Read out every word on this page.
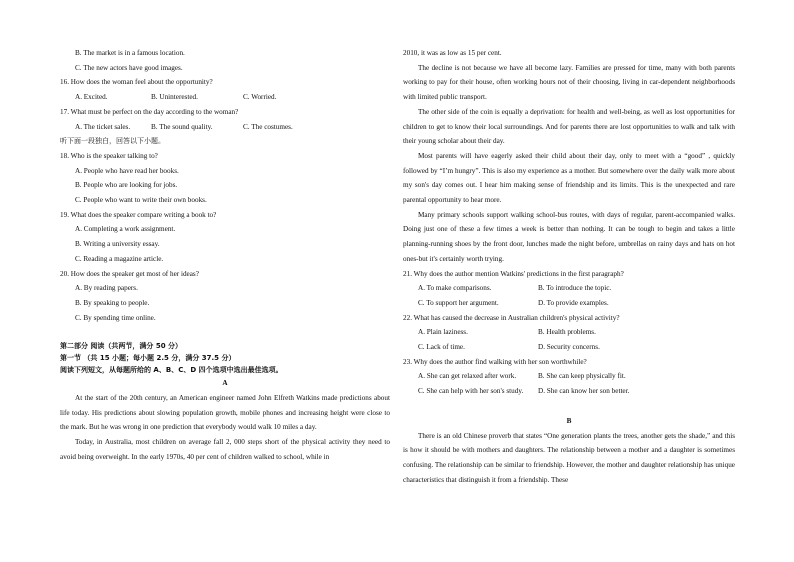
B. The market is in a famous location.
C. The new actors have good images.
16. How does the woman feel about the opportunity?
A. Excited.	B. Uninterested.	C. Worried.
17. What must be perfect on the day according to the woman?
A. The ticket sales.	B. The sound quality.	C. The costumes.
听下面一段独白，回答以下小题。
18. Who is the speaker talking to?
A. People who have read her books.
B. People who are looking for jobs.
C. People who want to write their own books.
19. What does the speaker compare writing a book to?
A. Completing a work assignment.
B. Writing a university essay.
C. Reading a magazine article.
20. How does the speaker get most of her ideas?
A. By reading papers.
B. By speaking to people.
C. By spending time online.
第二部分 阅读（共两节，满分 50 分）
第一节 （共 15 小题；每小题 2.5 分，满分 37.5 分）
阅读下列短文，从每题所给的 A、B、C、D 四个选项中选出最佳选项。
A
At the start of the 20th century, an American engineer named John Elfreth Watkins made predictions about life today. His predictions about slowing population growth, mobile phones and increasing height were close to the mark. But he was wrong in one prediction that everybody would walk 10 miles a day.
Today, in Australia, most children on average fall 2, 000 steps short of the physical activity they need to avoid being overweight. In the early 1970s, 40 per cent of children walked to school, while in
2010, it was as low as 15 per cent.
The decline is not because we have all become lazy. Families are pressed for time, many with both parents working to pay for their house, often working hours not of their choosing, living in car-dependent neighborhoods with limited public transport.
The other side of the coin is equally a deprivation: for health and well-being, as well as lost opportunities for children to get to know their local surroundings. And for parents there are lost opportunities to walk and talk with their young scholar about their day.
Most parents will have eagerly asked their child about their day, only to meet with a “good” , quickly followed by “I’m hungry”. This is also my experience as a mother. But somewhere over the daily walk more about my son's day comes out. I hear him making sense of friendship and its limits. This is the unexpected and rare parental opportunity to hear more.
Many primary schools support walking school-bus routes, with days of regular, parent-accompanied walks. Doing just one of these a few times a week is better than nothing. It can be tough to begin and takes a little planning-running shoes by the front door, lunches made the night before, umbrellas on rainy days and hats on hot ones-but it's certainly worth trying.
21. Why does the author mention Watkins' predictions in the first paragraph?
A. To make comparisons.	B. To introduce the topic.
C. To support her argument.	D. To provide examples.
22. What has caused the decrease in Australian children's physical activity?
A. Plain laziness.	B. Health problems.
C. Lack of time.	D. Security concerns.
23. Why does the author find walking with her son worthwhile?
A. She can get relaxed after work.	B. She can keep physically fit.
C. She can help with her son's study.	D. She can know her son better.
B
There is an old Chinese proverb that states “One generation plants the trees, another gets the shade,” and this is how it should be with mothers and daughters. The relationship between a mother and a daughter is sometimes confusing. The relationship can be similar to friendship. However, the mother and daughter relationship has unique characteristics that distinguish it from a friendship. These
